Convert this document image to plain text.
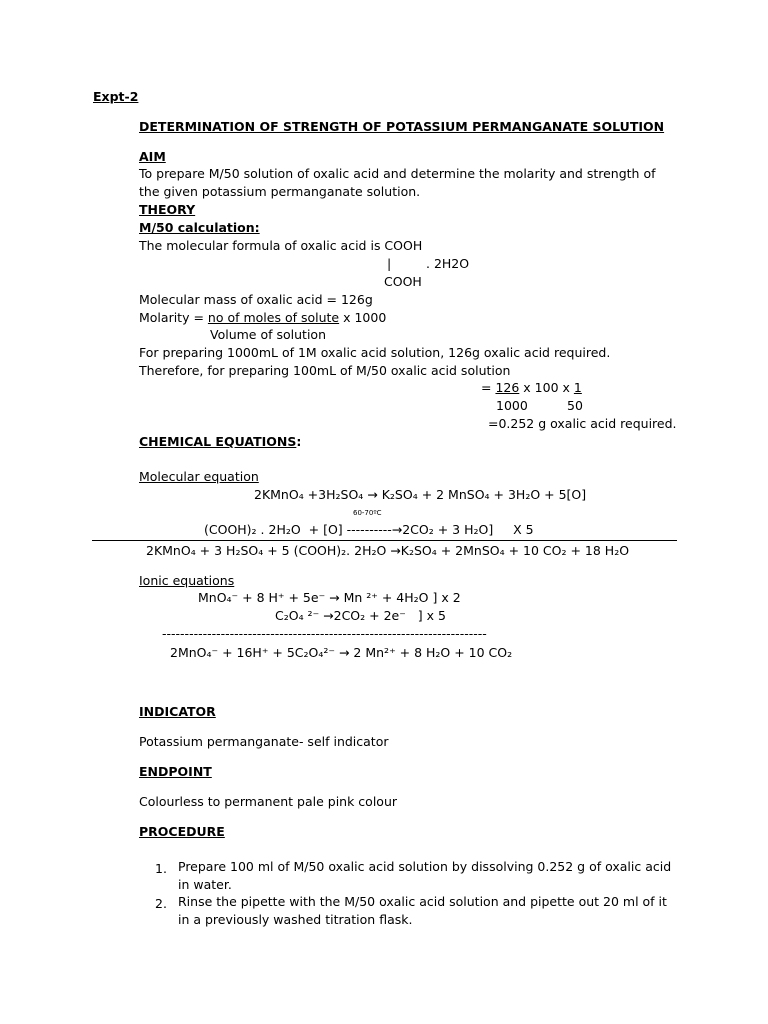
Expt-2
DETERMINATION OF STRENGTH OF POTASSIUM PERMANGANATE SOLUTION
AIM
To prepare M/50 solution of oxalic acid and determine the molarity and strength of
the given potassium permanganate solution.
THEORY
M/50 calculation:
The molecular formula of oxalic acid is COOH
|	. 2H2O
COOH
Molecular mass of oxalic acid = 126g
Molarity = no of moles of solute x 1000
Volume of solution
For preparing 1000mL of 1M oxalic acid solution, 126g oxalic acid required.
Therefore, for preparing 100mL of M/50 oxalic acid solution
= 126 x 100 x 1
1000	50
=0.252 g oxalic acid required.
CHEMICAL EQUATIONS:
Molecular equation
2KMnO₄ +3H₂SO₄ → K₂SO₄ + 2 MnSO₄ + 3H₂O + 5[O]
60-70ºC
(COOH)₂ . 2H₂O  + [O] ----------→2CO₂ + 3 H₂O]     X 5
2KMnO₄ + 3 H₂SO₄ + 5 (COOH)₂. 2H₂O →K₂SO₄ + 2MnSO₄ + 10 CO₂ + 18 H₂O
Ionic equations
MnO₄⁻ + 8 H⁺ + 5e⁻ → Mn ²⁺ + 4H₂O ] x 2
C₂O₄ ²⁻ →2CO₂ + 2e⁻   ] x 5
------------------------------------------------------------------------
2MnO₄⁻ + 16H⁺ + 5C₂O₄²⁻ → 2 Mn²⁺ + 8 H₂O + 10 CO₂
INDICATOR
Potassium permanganate- self indicator
ENDPOINT
Colourless to permanent pale pink colour
PROCEDURE
1. Prepare 100 ml of M/50 oxalic acid solution by dissolving 0.252 g of oxalic acid
in water.
2. Rinse the pipette with the M/50 oxalic acid solution and pipette out 20 ml of it
in a previously washed titration flask.
